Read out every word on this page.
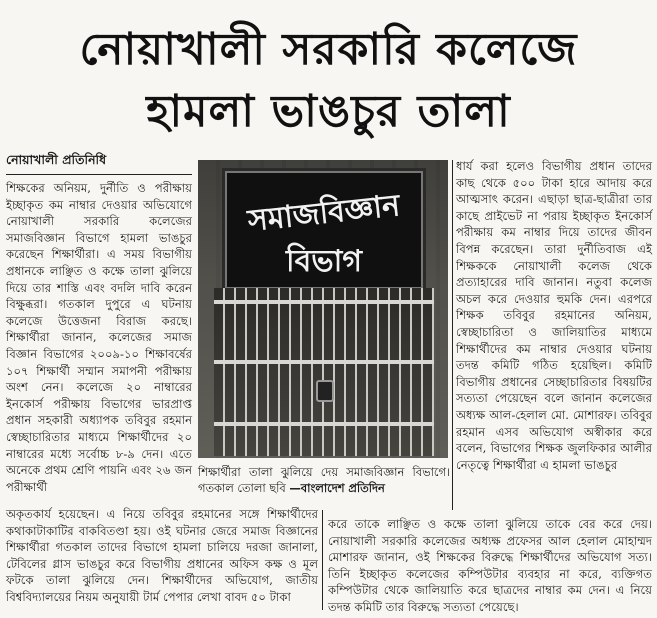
নোয়াখালী সরকারি কলেজে
হামলা ভাঙচুর তালা
নোয়াখালী প্রতিনিধি

শিক্ষকের অনিয়ম, দুর্নীতি ও পরীক্ষায় ইচ্ছাকৃত কম নাম্বার দেওয়ার অভিযোগে নোয়াখালী সরকারি কলেজের সমাজবিজ্ঞান বিভাগে হামলা ভাঙচুর করেছেন শিক্ষার্থীরা। এ সময় বিভাগীয় প্রধানকে লাঞ্ছিত ও কক্ষে তালা ঝুলিয়ে দিয়ে তার শাস্তি এবং বদলি দাবি করেন বিক্ষুব্ধরা। গতকাল দুপুরে এ ঘটনায় কলেজে উত্তেজনা বিরাজ করছে। শিক্ষার্থীরা জানান, কলেজের সমাজ বিজ্ঞান বিভাগের ২০০৯-১০ শিক্ষাবর্ষের ১০৭ শিক্ষার্থী সম্মান সমাপনী পরীক্ষায় অংশ নেন। কলেজে ২০ নাম্বারের ইনকোর্স পরীক্ষায় বিভাগের ভারপ্রাপ্ত প্রধান সহকারী অধ্যাপক তবিবুর রহমান স্বেচ্ছাচারিতার মাধ্যমে শিক্ষার্থীদের ২০ নাম্বারের মধ্যে সর্বোচ্চ ৮-৯ দেন। এতে অনেকে প্রথম শ্রেণি পায়নি এবং ২৬ জন পরীক্ষার্থী

সমাজবিজ্ঞান
বিভাগ
শিক্ষার্থীরা তালা ঝুলিয়ে দেয় সমাজবিজ্ঞান বিভাগে। গতকাল তোলা ছবি —বাংলাদেশ প্রতিদিন

ধার্য করা হলেও বিভাগীয় প্রধান তাদের কাছ থেকে ৫০০ টাকা হারে আদায় করে আত্মসাৎ করেন। এছাড়া ছাত্র-ছাত্রীরা তার কাছে প্রাইভেট না পরায় ইচ্ছাকৃত ইনকোর্স পরীক্ষায় কম নাম্বার দিয়ে তাদের জীবন বিপন্ন করেছেন। তারা দুর্নীতিবাজ এই শিক্ষককে নোয়াখালী কলেজ থেকে প্রত্যাহারের দাবি জানান। নতুবা কলেজ অচল করে দেওয়ার হুমকি দেন। এরপরে শিক্ষক তবিবুর রহমানের অনিয়ম, স্বেচ্ছাচারিতা ও জালিয়াতির মাধ্যমে শিক্ষার্থীদের কম নাম্বার দেওয়ার ঘটনায় তদন্ত কমিটি গঠিত হয়েছিল। কমিটি বিভাগীয় প্রধানের সেচ্ছাচারিতার বিষয়টির সত্যতা পেয়েছেন বলে জানান কলেজের অধ্যক্ষ আল-হেলাল মো. মোশারফ। তবিবুর রহমান এসব অভিযোগ অস্বীকার করে বলেন, বিভাগের শিক্ষক জুলফিকার আলীর নেতৃত্বে শিক্ষার্থীরা এ হামলা ভাঙচুর

অকৃতকার্য হয়েছেন। এ নিয়ে তবিবুর রহমানের সঙ্গে শিক্ষার্থীদের কথাকাটাকাটির বাকবিতণ্ডা হয়। ওই ঘটনার জেরে সমাজ বিজ্ঞানের শিক্ষার্থীরা গতকাল তাদের বিভাগে হামলা চালিয়ে দরজা জানালা, টেবিলের গ্লাস ভাঙচুর করে বিভাগীয় প্রধানের অফিস কক্ষ ও মূল ফটকে তালা ঝুলিয়ে দেন। শিক্ষার্থীদের অভিযোগ, জাতীয় বিশ্ববিদ্যালয়ের নিয়ম অনুযায়ী টার্ম পেপার লেখা বাবদ ৫০ টাকা

করে তাকে লাঞ্ছিত ও কক্ষে তালা ঝুলিয়ে তাকে বের করে দেয়। নোয়াখালী সরকারি কলেজের অধ্যক্ষ প্রফেসর আল হেলাল মোহাম্মদ মোশারফ জানান, ওই শিক্ষকের বিরুদ্ধে শিক্ষার্থীদের অভিযোগ সত্য। তিনি ইচ্ছাকৃত কলেজের কম্পিউটার ব্যবহার না করে, ব্যক্তিগত কম্পিউটার থেকে জালিয়াতি করে ছাত্রদের নাম্বার কম দেন। এ নিয়ে তদন্ত কমিটি তার বিরুদ্ধে সত্যতা পেয়েছে।
